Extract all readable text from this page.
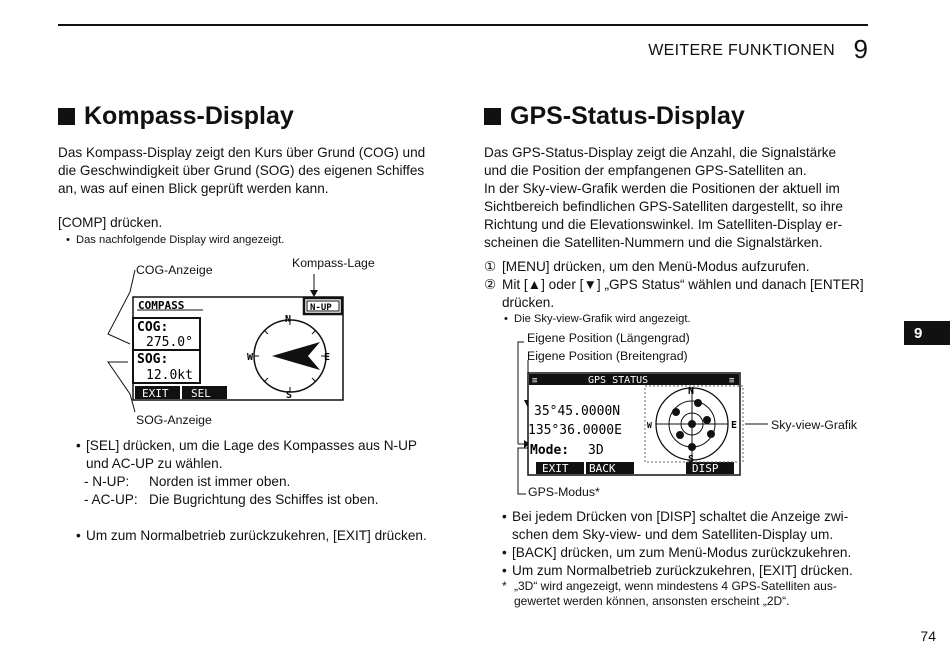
WEITERE FUNKTIONEN 9
9
74
Kompass-Display
Das Kompass-Display zeigt den Kurs über Grund (COG) und
die Geschwindigkeit über Grund (SOG) des eigenen Schiffes
an, was auf einen Blick geprüft werden kann.
[COMP] drücken.
• Das nachfolgende Display wird angezeigt.
COG-Anzeige	Kompass-Lage
SOG-Anzeige
COMPASS	N-UP
COG:
275.0°
SOG:
12.0kt
EXIT SEL
N
E
S
W
• [SEL] drücken, um die Lage des Kompasses aus N-UP
und AC-UP zu wählen.
- N-UP:	Norden ist immer oben.
- AC-UP: Die Bugrichtung des Schiffes ist oben.
• Um zum Normalbetrieb zurückzukehren, [EXIT] drücken.
GPS-Status-Display
Das GPS-Status-Display zeigt die Anzahl, die Signalstärke
und die Position der empfangenen GPS-Satelliten an.
In der Sky-view-Grafik werden die Positionen der aktuell im
Sichtbereich befindlichen GPS-Satelliten dargestellt, so ihre
Richtung und die Elevationswinkel. Im Satelliten-Display er-
scheinen die Satelliten-Nummern und die Signalstärken.
① [MENU] drücken, um den Menü-Modus aufzurufen.
② Mit [▲] oder [▼] „GPS Status“ wählen und danach [ENTER]
drücken.
• Die Sky-view-Grafik wird angezeigt.
Eigene Position (Längengrad)
Eigene Position (Breitengrad)
Sky-view-Grafik
GPS-Modus*
≡	≡
GPS STATUS
35°45.0000N
135°36.0000E
Mode: 3D
EXIT BACK	DISP
N
E
S
W
• Bei jedem Drücken von [DISP] schaltet die Anzeige zwi-
schen dem Sky-view- und dem Satelliten-Display um.
• [BACK] drücken, um zum Menü-Modus zurückzukehren.
• Um zum Normalbetrieb zurückzukehren, [EXIT] drücken.
* „3D“ wird angezeigt, wenn mindestens 4 GPS-Satelliten aus-
gewertet werden können, ansonsten erscheint „2D“.
